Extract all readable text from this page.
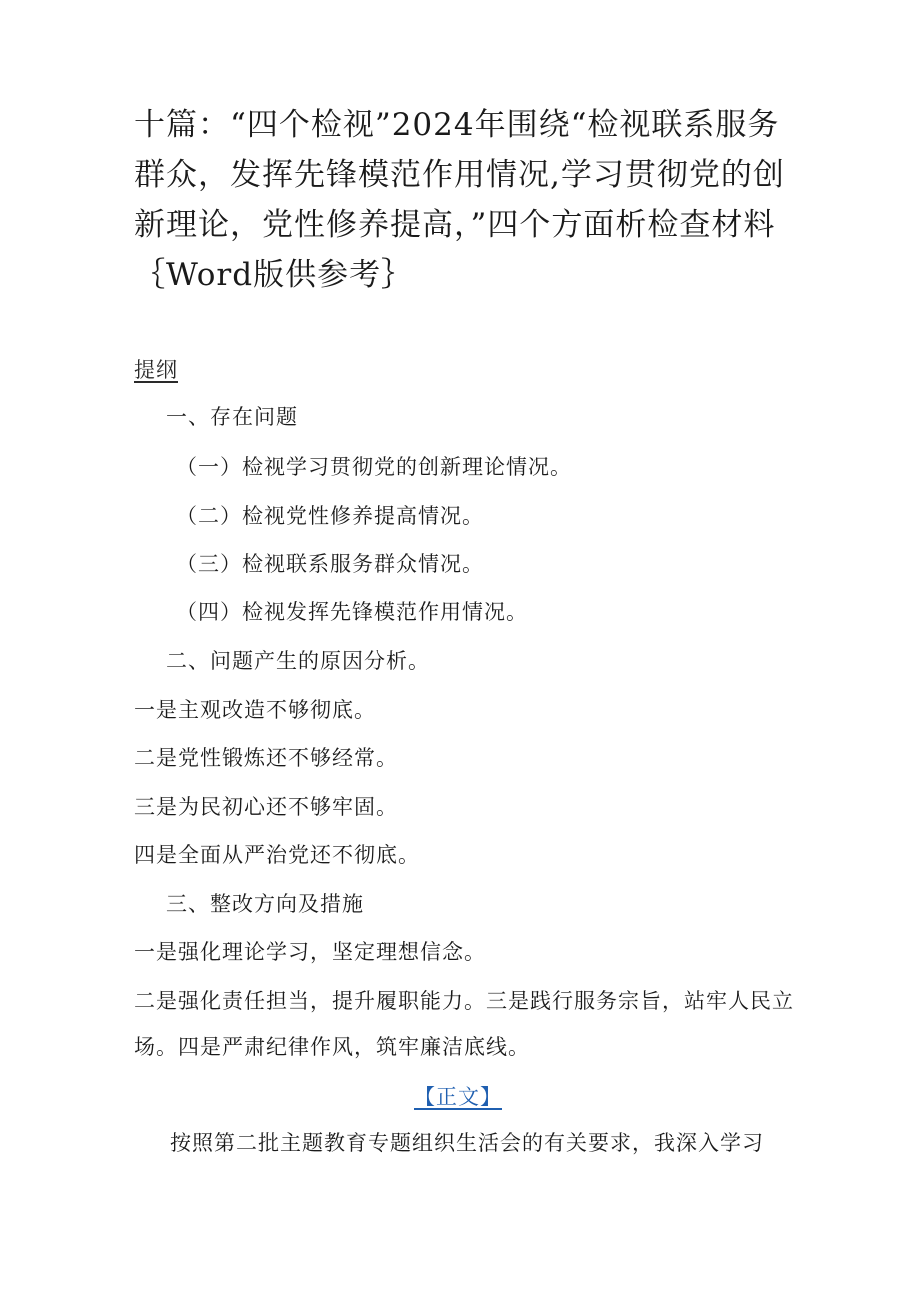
十篇：“四个检视”2024年围绕“检视联系服务群众，发挥先锋模范作用情况,学习贯彻党的创新理论，党性修养提高，”四个方面析检查材料｛Word版供参考｝
提纲
一、存在问题
（一）检视学习贯彻党的创新理论情况。
（二）检视党性修养提高情况。
（三）检视联系服务群众情况。
（四）检视发挥先锋模范作用情况。
二、问题产生的原因分析。
一是主观改造不够彻底。
二是党性锻炼还不够经常。
三是为民初心还不够牢固。
四是全面从严治党还不彻底。
三、整改方向及措施
一是强化理论学习，坚定理想信念。

二是强化责任担当，提升履职能力。三是践行服务宗旨，站牢人民立场。四是严肃纪律作风，筑牢廉洁底线。

【正文】
按照第二批主题教育专题组织生活会的有关要求，我深入学习
